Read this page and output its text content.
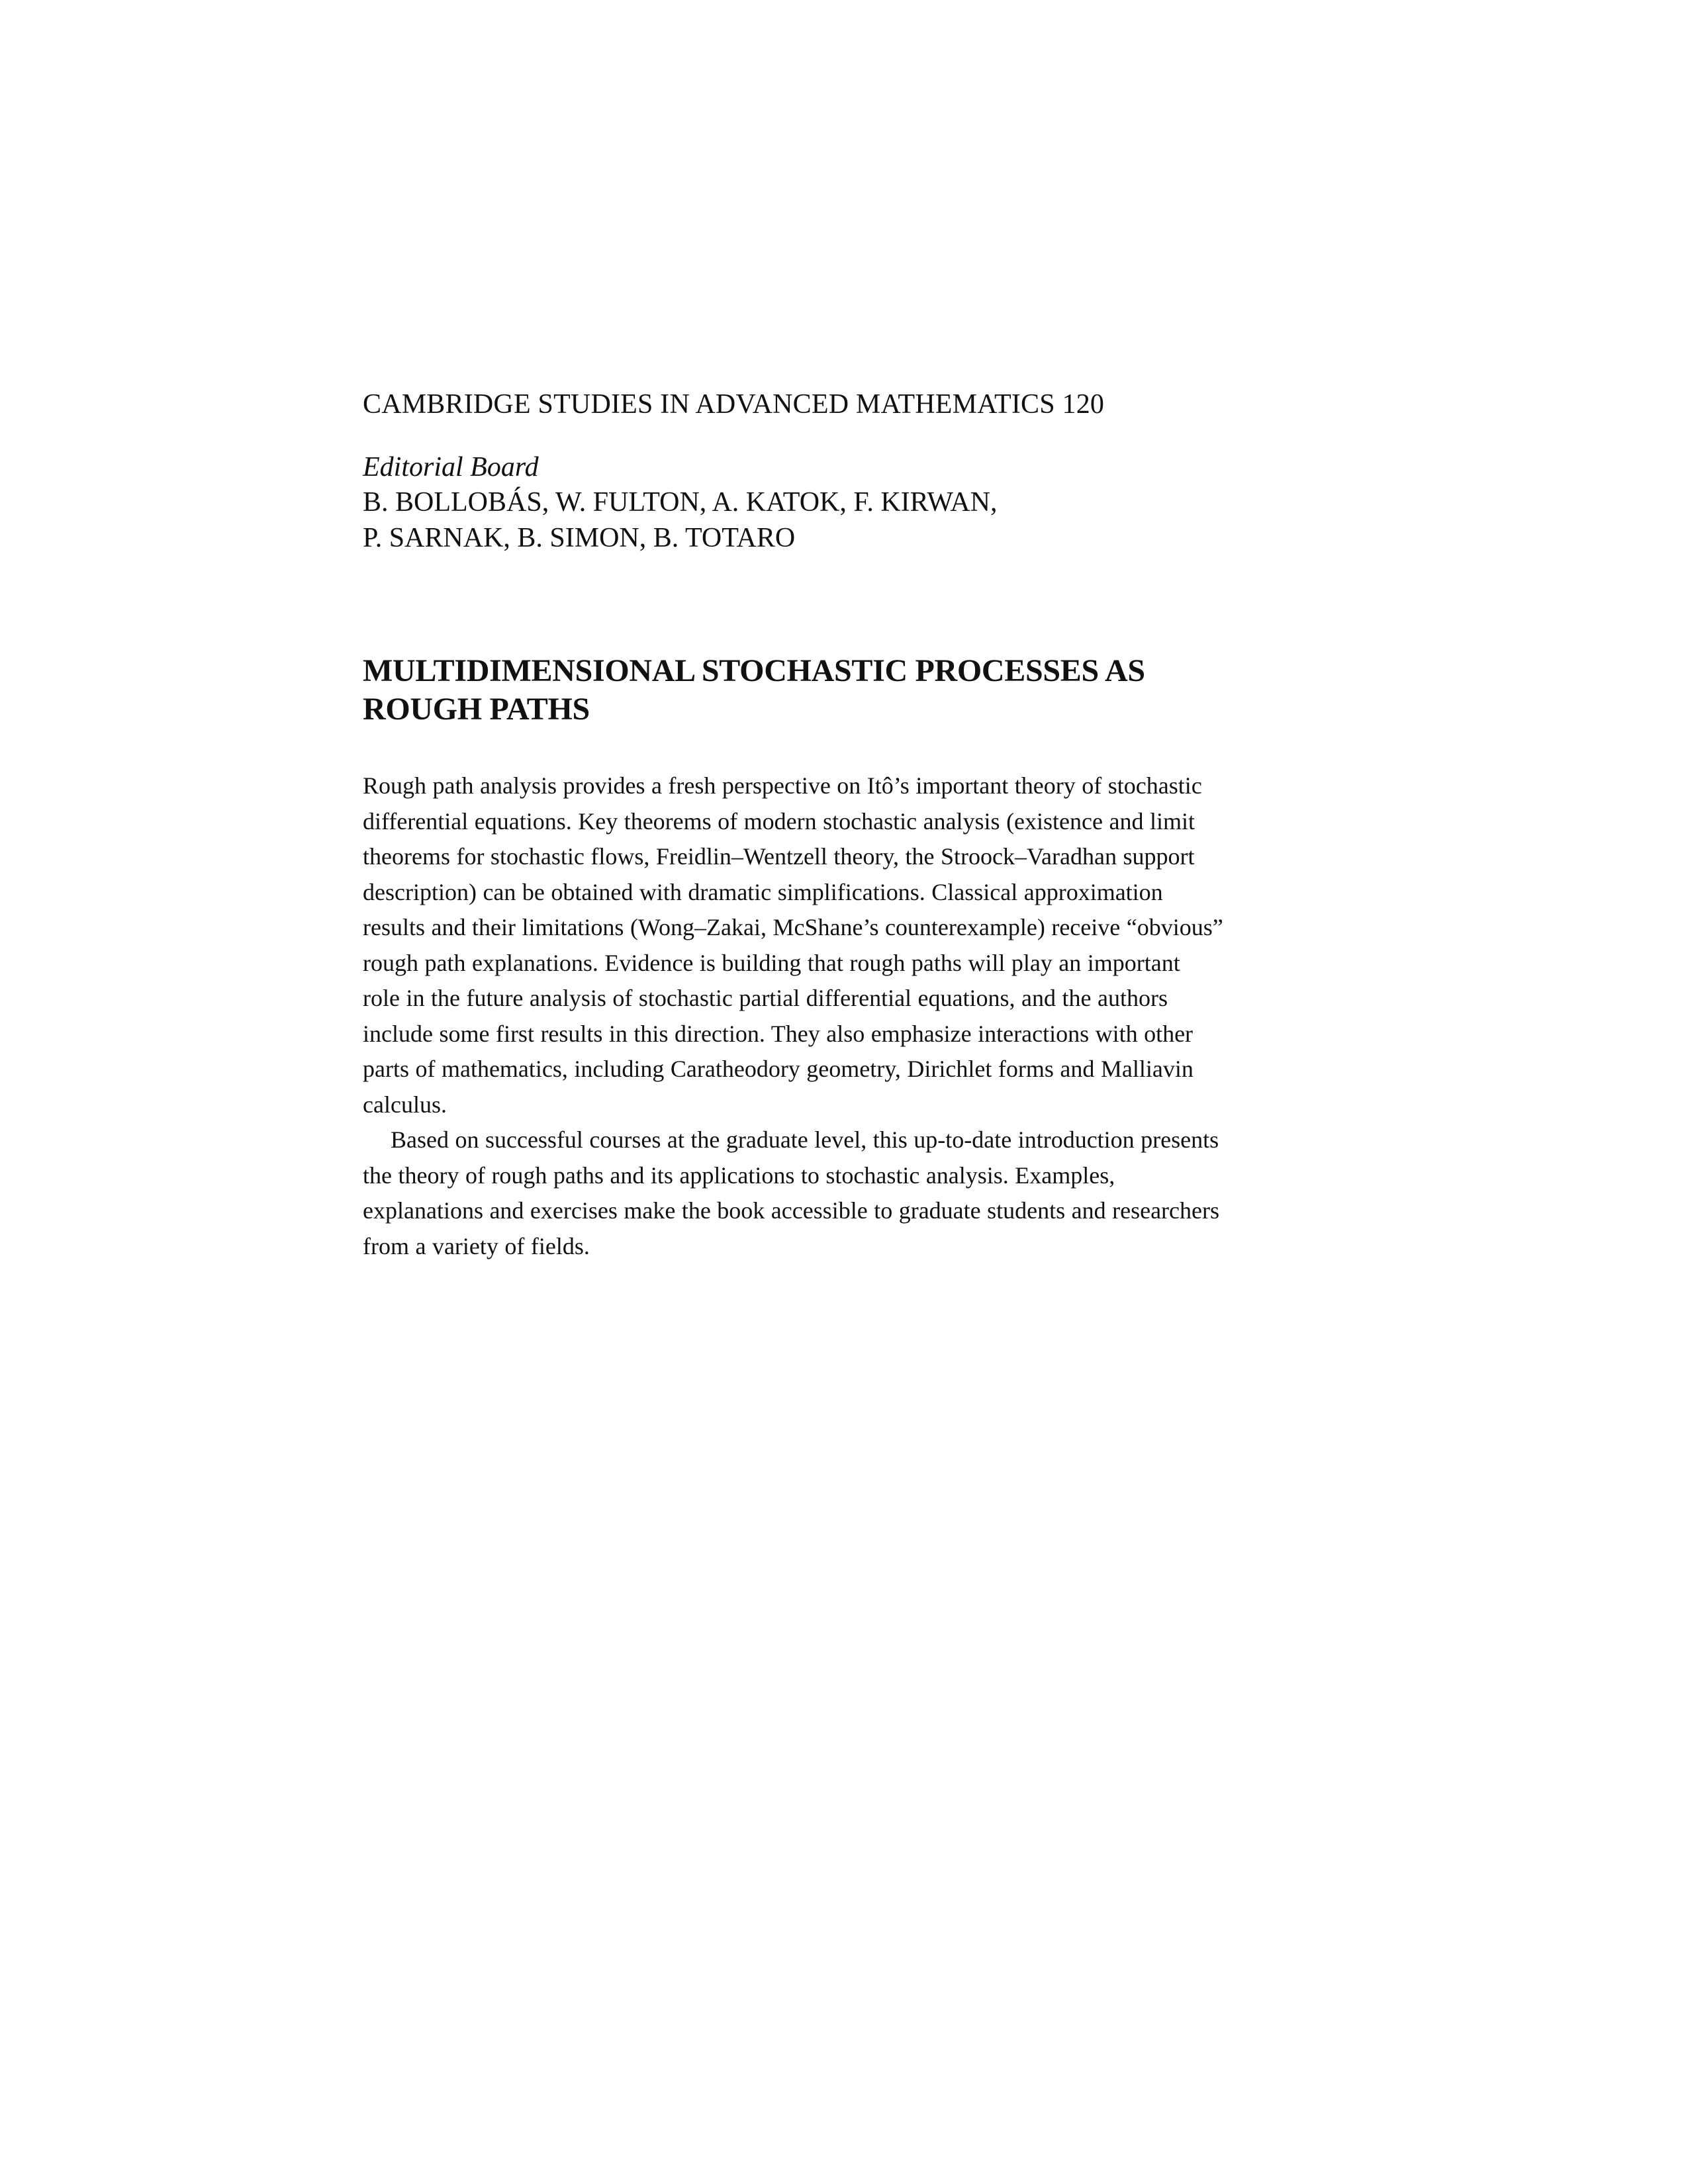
CAMBRIDGE STUDIES IN ADVANCED MATHEMATICS 120

Editorial Board

B. BOLLOBÁS, W. FULTON, A. KATOK, F. KIRWAN,

P. SARNAK, B. SIMON, B. TOTARO

MULTIDIMENSIONAL STOCHASTIC PROCESSES AS
ROUGH PATHS

Rough path analysis provides a fresh perspective on Itô’s important theory of stochastic differential equations. Key theorems of modern stochastic analysis (existence and limit theorems for stochastic flows, Freidlin–Wentzell theory, the Stroock–Varadhan support description) can be obtained with dramatic simplifications. Classical approximation results and their limitations (Wong–Zakai, McShane’s counterexample) receive “obvious” rough path explanations. Evidence is building that rough paths will play an important role in the future analysis of stochastic partial differential equations, and the authors include some first results in this direction. They also emphasize interactions with other parts of mathematics, including Caratheodory geometry, Dirichlet forms and Malliavin calculus.

Based on successful courses at the graduate level, this up-to-date introduction presents the theory of rough paths and its applications to stochastic analysis. Examples, explanations and exercises make the book accessible to graduate students and researchers from a variety of fields.
